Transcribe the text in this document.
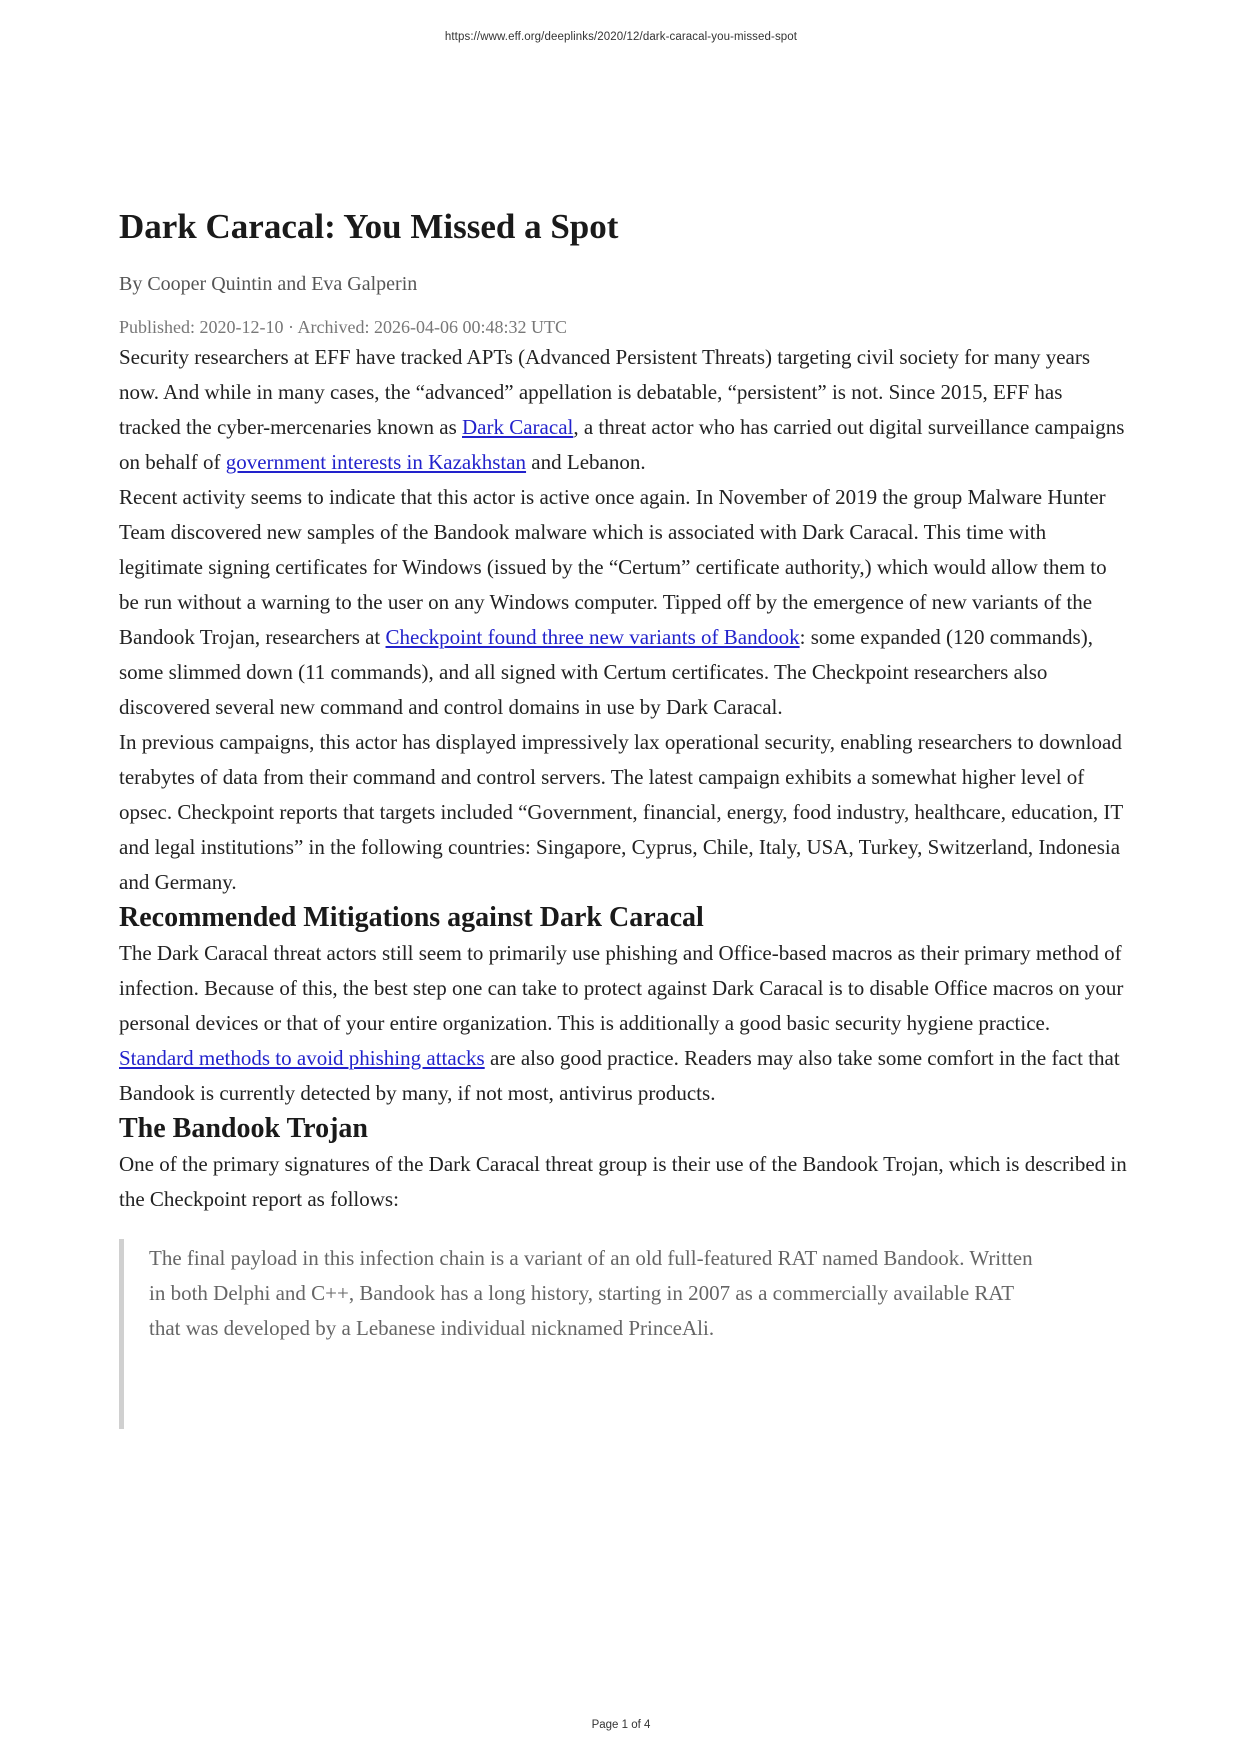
https://www.eff.org/deeplinks/2020/12/dark-caracal-you-missed-spot
Dark Caracal: You Missed a Spot
By Cooper Quintin and Eva Galperin
Published: 2020-12-10 · Archived: 2026-04-06 00:48:32 UTC

Security researchers at EFF have tracked APTs (Advanced Persistent Threats) targeting civil society for many years now. And while in many cases, the “advanced” appellation is debatable, “persistent” is not. Since 2015, EFF has tracked the cyber-mercenaries known as Dark Caracal, a threat actor who has carried out digital surveillance campaigns on behalf of government interests in Kazakhstan and Lebanon.

Recent activity seems to indicate that this actor is active once again. In November of 2019 the group Malware Hunter Team discovered new samples of the Bandook malware which is associated with Dark Caracal. This time with legitimate signing certificates for Windows (issued by the “Certum” certificate authority,) which would allow them to be run without a warning to the user on any Windows computer. Tipped off by the emergence of new variants of the Bandook Trojan, researchers at Checkpoint found three new variants of Bandook: some expanded (120 commands), some slimmed down (11 commands), and all signed with Certum certificates. The Checkpoint researchers also discovered several new command and control domains in use by Dark Caracal.

In previous campaigns, this actor has displayed impressively lax operational security, enabling researchers to download terabytes of data from their command and control servers. The latest campaign exhibits a somewhat higher level of opsec. Checkpoint reports that targets included “Government, financial, energy, food industry, healthcare, education, IT and legal institutions” in the following countries: Singapore, Cyprus, Chile, Italy, USA, Turkey, Switzerland, Indonesia and Germany.

Recommended Mitigations against Dark Caracal

The Dark Caracal threat actors still seem to primarily use phishing and Office-based macros as their primary method of infection. Because of this, the best step one can take to protect against Dark Caracal is to disable Office macros on your personal devices or that of your entire organization. This is additionally a good basic security hygiene practice. Standard methods to avoid phishing attacks are also good practice. Readers may also take some comfort in the fact that Bandook is currently detected by many, if not most, antivirus products.

The Bandook Trojan

One of the primary signatures of the Dark Caracal threat group is their use of the Bandook Trojan, which is described in the Checkpoint report as follows:

The final payload in this infection chain is a variant of an old full-featured RAT named Bandook. Written in both Delphi and C++, Bandook has a long history, starting in 2007 as a commercially available RAT that was developed by a Lebanese individual nicknamed PrinceAli.

Page 1 of 4
